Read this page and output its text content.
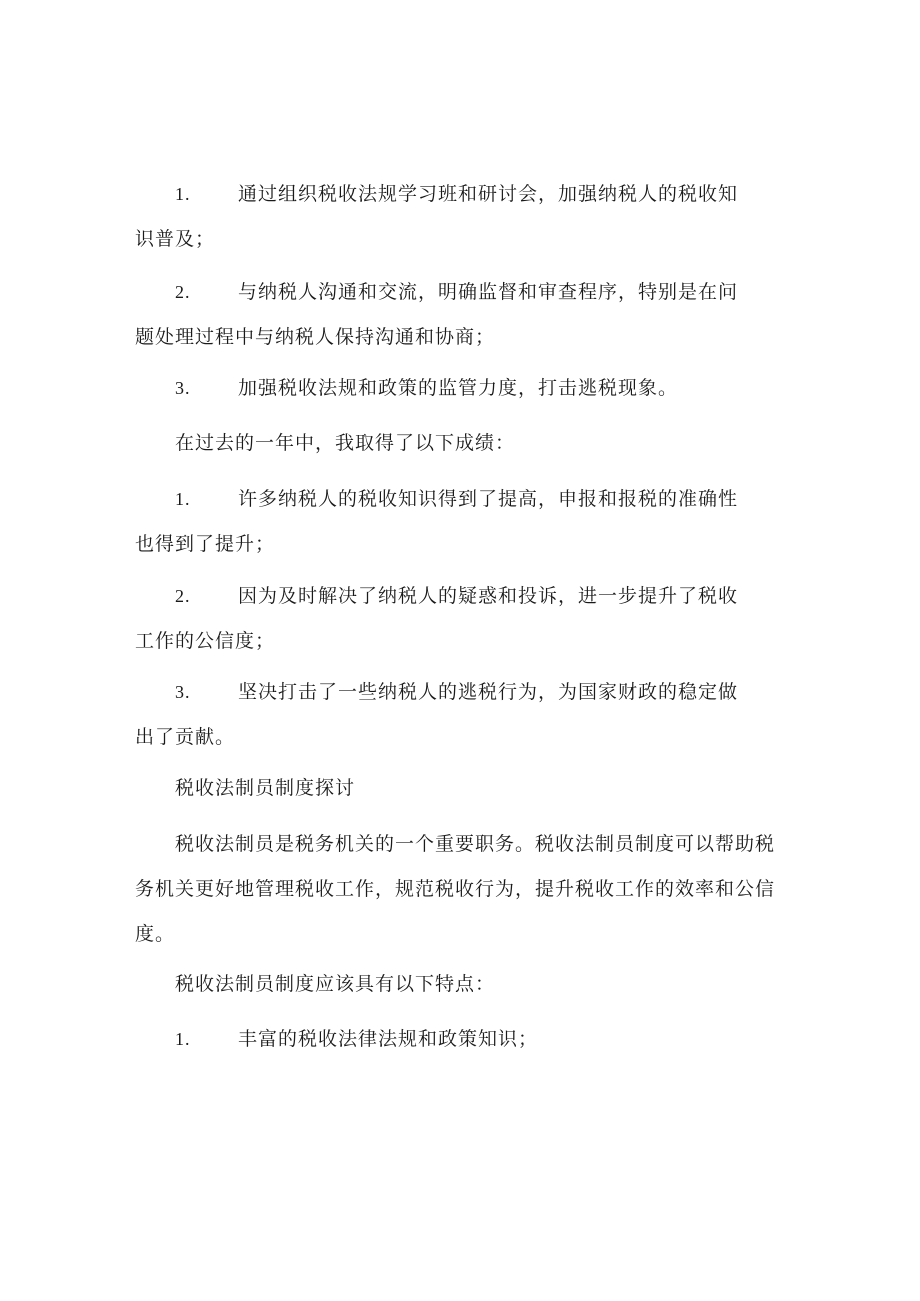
1.	通过组织税收法规学习班和研讨会，加强纳税人的税收知
识普及；
2.	与纳税人沟通和交流，明确监督和审查程序，特别是在问
题处理过程中与纳税人保持沟通和协商；
3.	加强税收法规和政策的监管力度，打击逃税现象。
在过去的一年中，我取得了以下成绩：
1.	许多纳税人的税收知识得到了提高，申报和报税的准确性
也得到了提升；
2.	因为及时解决了纳税人的疑惑和投诉，进一步提升了税收
工作的公信度；
3.	坚决打击了一些纳税人的逃税行为，为国家财政的稳定做
出了贡献。
税收法制员制度探讨
税收法制员是税务机关的一个重要职务。税收法制员制度可以帮助税
务机关更好地管理税收工作，规范税收行为，提升税收工作的效率和公信
度。
税收法制员制度应该具有以下特点：
1.	丰富的税收法律法规和政策知识；
